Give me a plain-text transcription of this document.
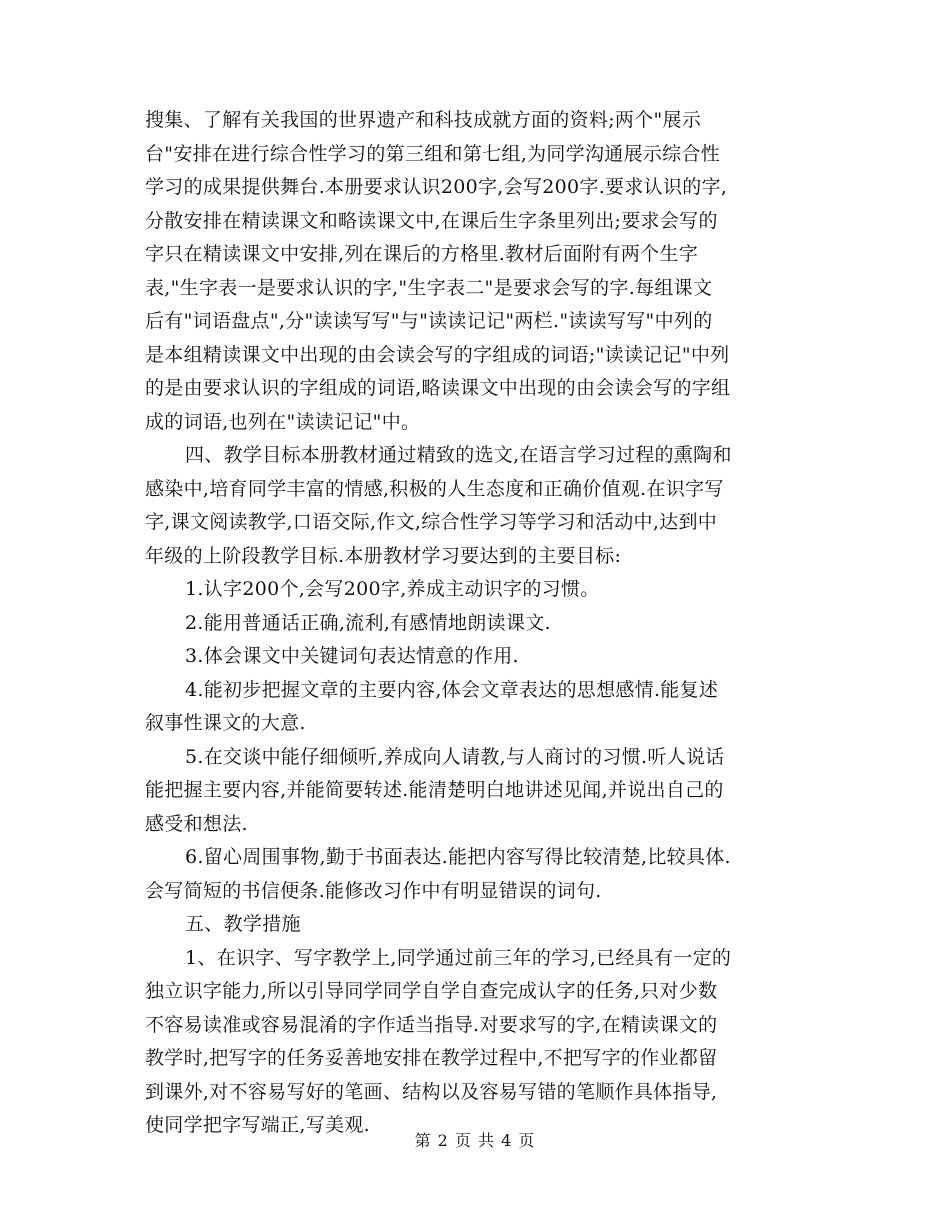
搜集、了解有关我国的世界遗产和科技成就方面的资料;两个"展示
台"安排在进行综合性学习的第三组和第七组,为同学沟通展示综合性
学习的成果提供舞台.本册要求认识200字,会写200字.要求认识的字,
分散安排在精读课文和略读课文中,在课后生字条里列出;要求会写的
字只在精读课文中安排,列在课后的方格里.教材后面附有两个生字
表,"生字表一是要求认识的字,"生字表二"是要求会写的字.每组课文
后有"词语盘点",分"读读写写"与"读读记记"两栏."读读写写"中列的
是本组精读课文中出现的由会读会写的字组成的词语;"读读记记"中列
的是由要求认识的字组成的词语,略读课文中出现的由会读会写的字组
成的词语,也列在"读读记记"中。
四、教学目标本册教材通过精致的选文,在语言学习过程的熏陶和
感染中,培育同学丰富的情感,积极的人生态度和正确价值观.在识字写
字,课文阅读教学,口语交际,作文,综合性学习等学习和活动中,达到中
年级的上阶段教学目标.本册教材学习要达到的主要目标:
1.认字200个,会写200字,养成主动识字的习惯。
2.能用普通话正确,流利,有感情地朗读课文.
3.体会课文中关键词句表达情意的作用.
4.能初步把握文章的主要内容,体会文章表达的思想感情.能复述
叙事性课文的大意.
5.在交谈中能仔细倾听,养成向人请教,与人商讨的习惯.听人说话
能把握主要内容,并能简要转述.能清楚明白地讲述见闻,并说出自己的
感受和想法.
6.留心周围事物,勤于书面表达.能把内容写得比较清楚,比较具体.
会写简短的书信便条.能修改习作中有明显错误的词句.
五、教学措施
1、在识字、写字教学上,同学通过前三年的学习,已经具有一定的
独立识字能力,所以引导同学同学自学自查完成认字的任务,只对少数
不容易读准或容易混淆的字作适当指导.对要求写的字,在精读课文的
教学时,把写字的任务妥善地安排在教学过程中,不把写字的作业都留
到课外,对不容易写好的笔画、结构以及容易写错的笔顺作具体指导,
使同学把字写端正,写美观.
第 2 页 共 4 页
